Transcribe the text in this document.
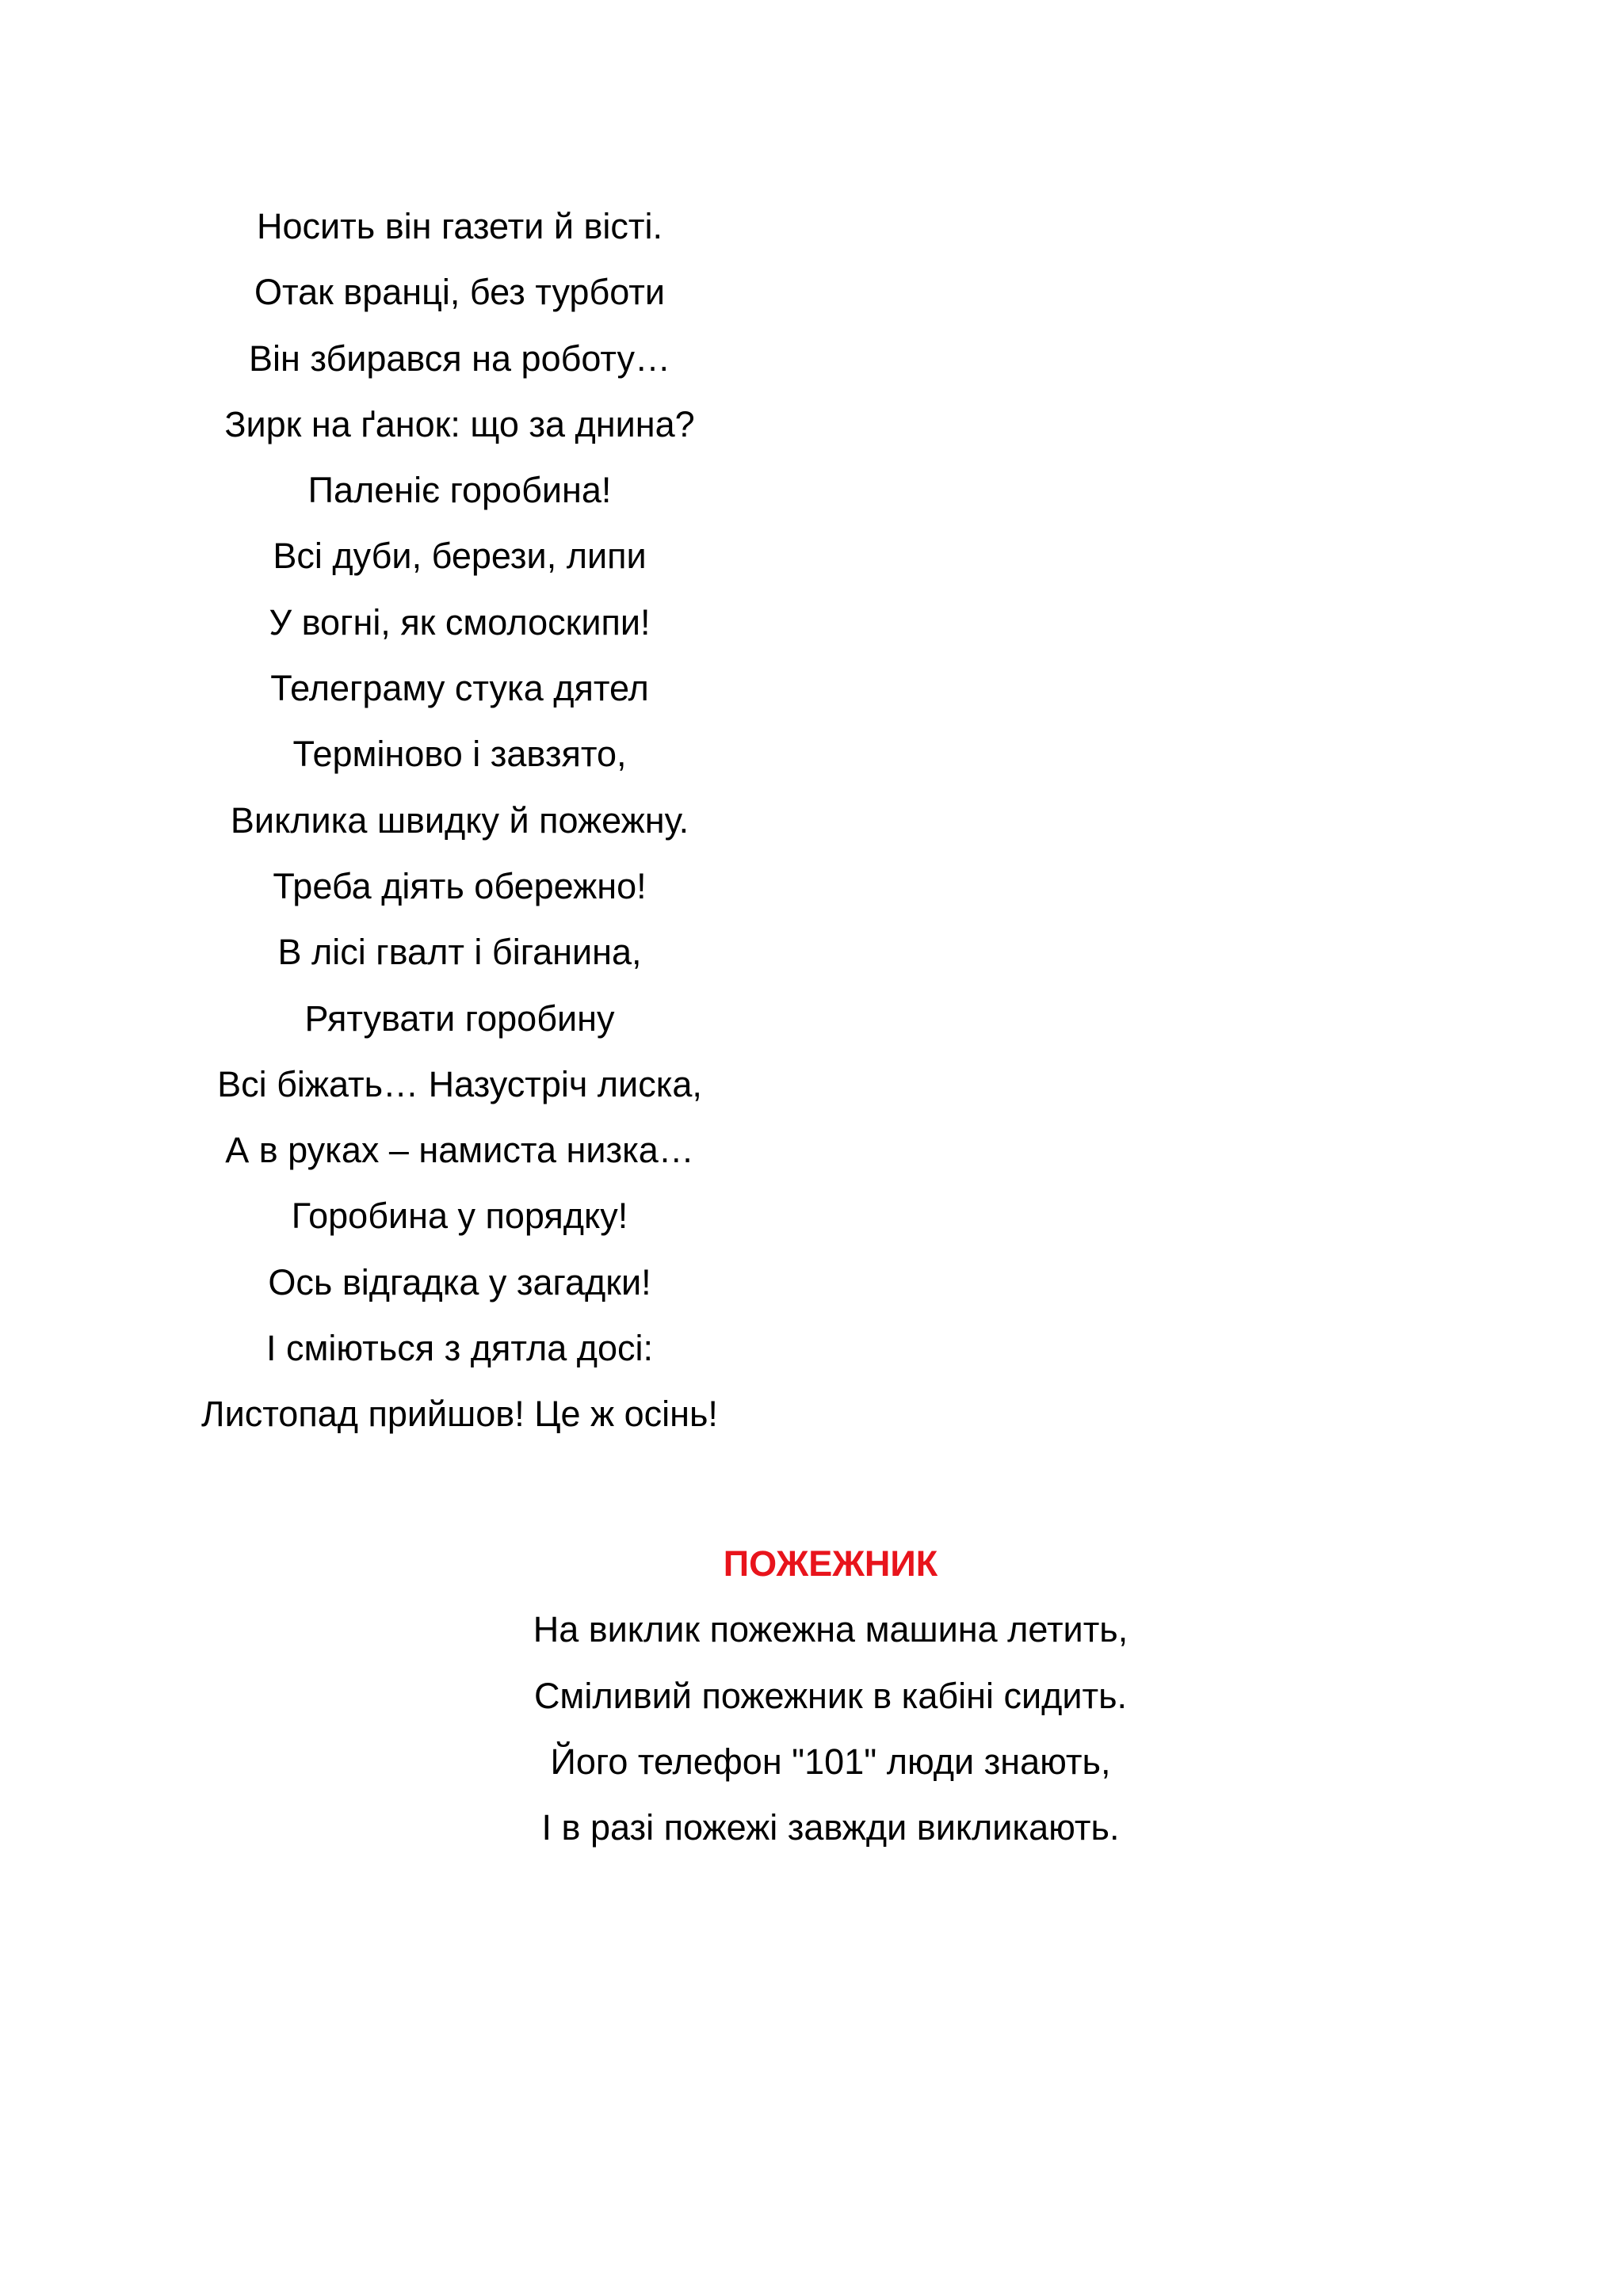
Носить він газети й вісті.

Отак вранці, без турботи

Він збирався на роботу…

Зирк на ґанок: що за днина?

Паленіє горобина!

Всі дуби, берези, липи

У вогні, як смолоскипи!

Телеграму стука дятел

Терміново і завзято,

Виклика швидку й пожежну.

Треба діять обережно!

В лісі гвалт і біганина,

Рятувати горобину

Всі біжать… Назустріч лиска,

А в руках – намиста низка…

Горобина у порядку!

Ось відгадка у загадки!

І сміються з дятла досі:

Листопад прийшов! Це ж осінь!

ПОЖЕЖНИК

На виклик пожежна машина летить,

Сміливий пожежник в кабіні сидить.

Його телефон "101" люди знають,

І в разі пожежі завжди викликають.
